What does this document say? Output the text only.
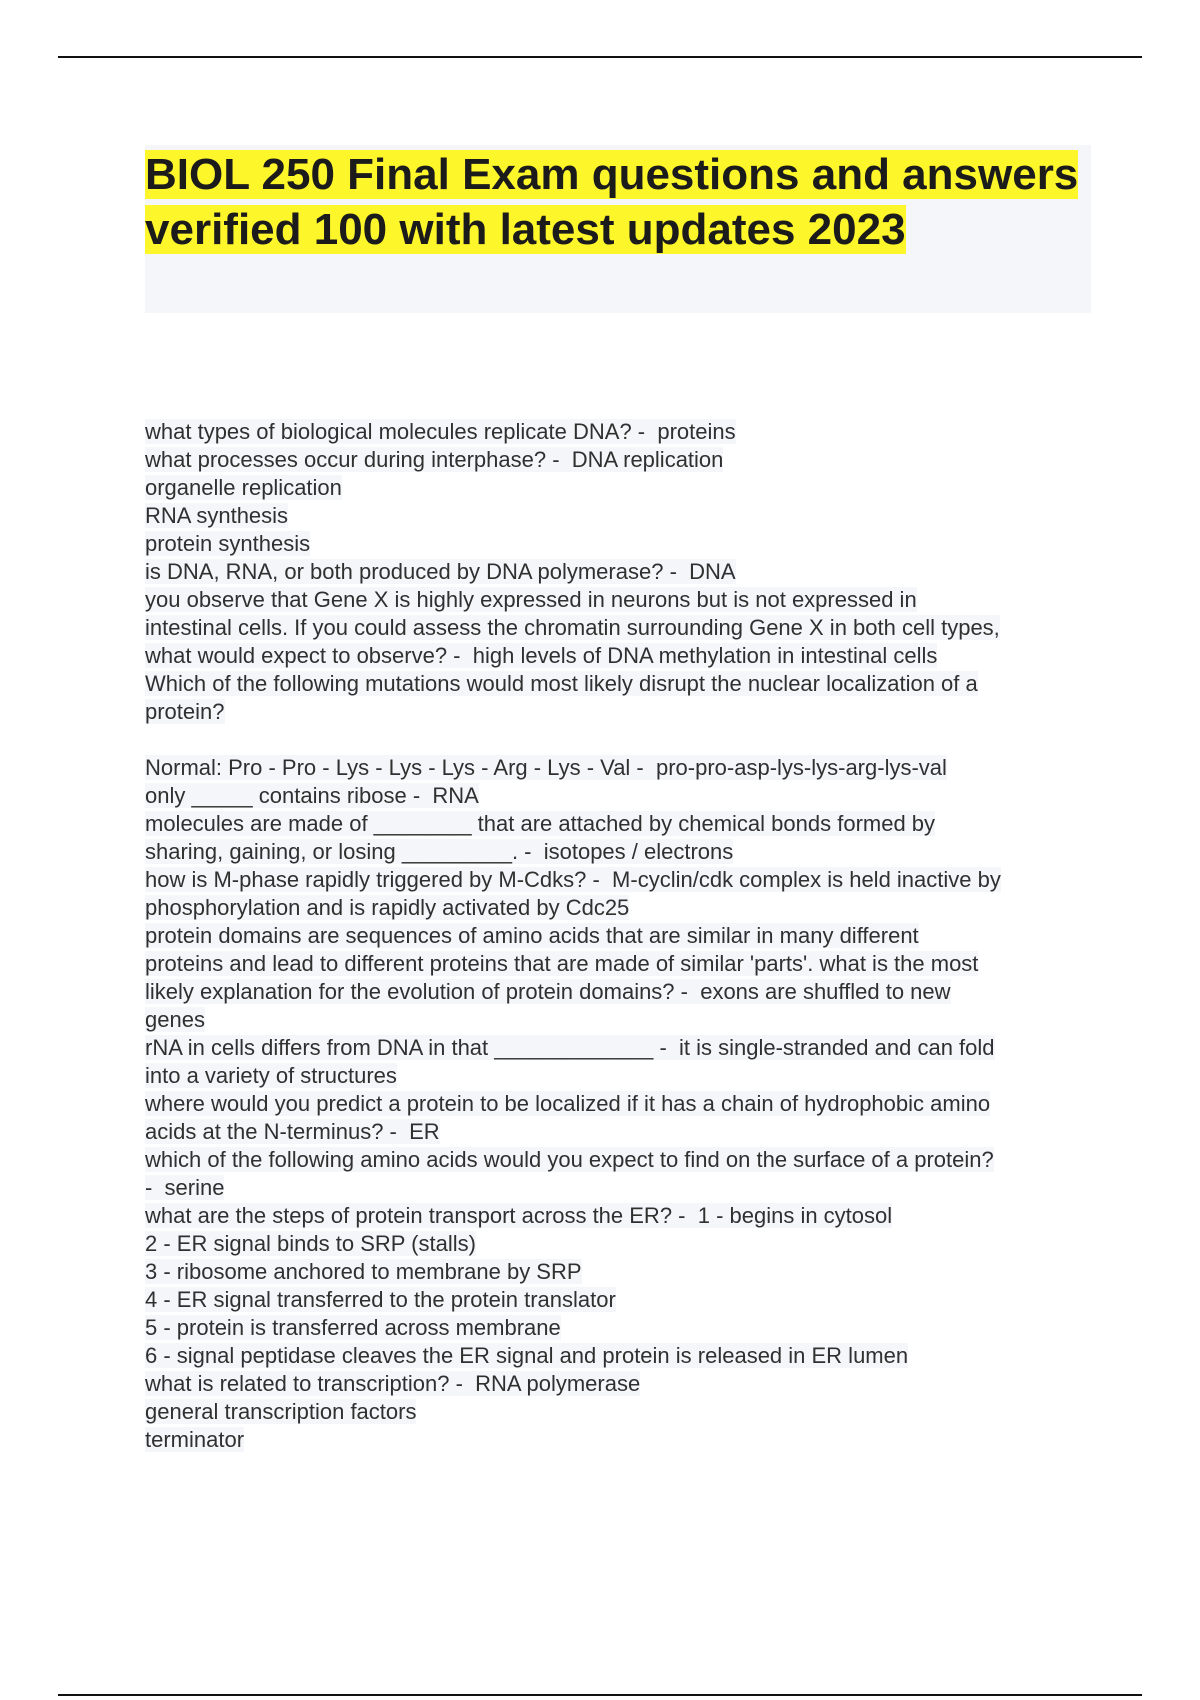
BIOL 250 Final Exam questions and answers verified 100 with latest updates 2023
what types of biological molecules replicate DNA? -  proteins
what processes occur during interphase? -  DNA replication
organelle replication
RNA synthesis
protein synthesis
is DNA, RNA, or both produced by DNA polymerase? -  DNA
you observe that Gene X is highly expressed in neurons but is not expressed in
intestinal cells. If you could assess the chromatin surrounding Gene X in both cell types,
what would expect to observe? -  high levels of DNA methylation in intestinal cells
Which of the following mutations would most likely disrupt the nuclear localization of a
protein?
Normal: Pro - Pro - Lys - Lys - Lys - Arg - Lys - Val -  pro-pro-asp-lys-lys-arg-lys-val
only _____ contains ribose -  RNA
molecules are made of ________ that are attached by chemical bonds formed by
sharing, gaining, or losing _________. -  isotopes / electrons
how is M-phase rapidly triggered by M-Cdks? -  M-cyclin/cdk complex is held inactive by
phosphorylation and is rapidly activated by Cdc25
protein domains are sequences of amino acids that are similar in many different
proteins and lead to different proteins that are made of similar 'parts'. what is the most
likely explanation for the evolution of protein domains? -  exons are shuffled to new
genes
rNA in cells differs from DNA in that _____________ -  it is single-stranded and can fold
into a variety of structures
where would you predict a protein to be localized if it has a chain of hydrophobic amino
acids at the N-terminus? -  ER
which of the following amino acids would you expect to find on the surface of a protein?
-  serine
what are the steps of protein transport across the ER? -  1 - begins in cytosol
2 - ER signal binds to SRP (stalls)
3 - ribosome anchored to membrane by SRP
4 - ER signal transferred to the protein translator
5 - protein is transferred across membrane
6 - signal peptidase cleaves the ER signal and protein is released in ER lumen
what is related to transcription? -  RNA polymerase
general transcription factors
terminator
